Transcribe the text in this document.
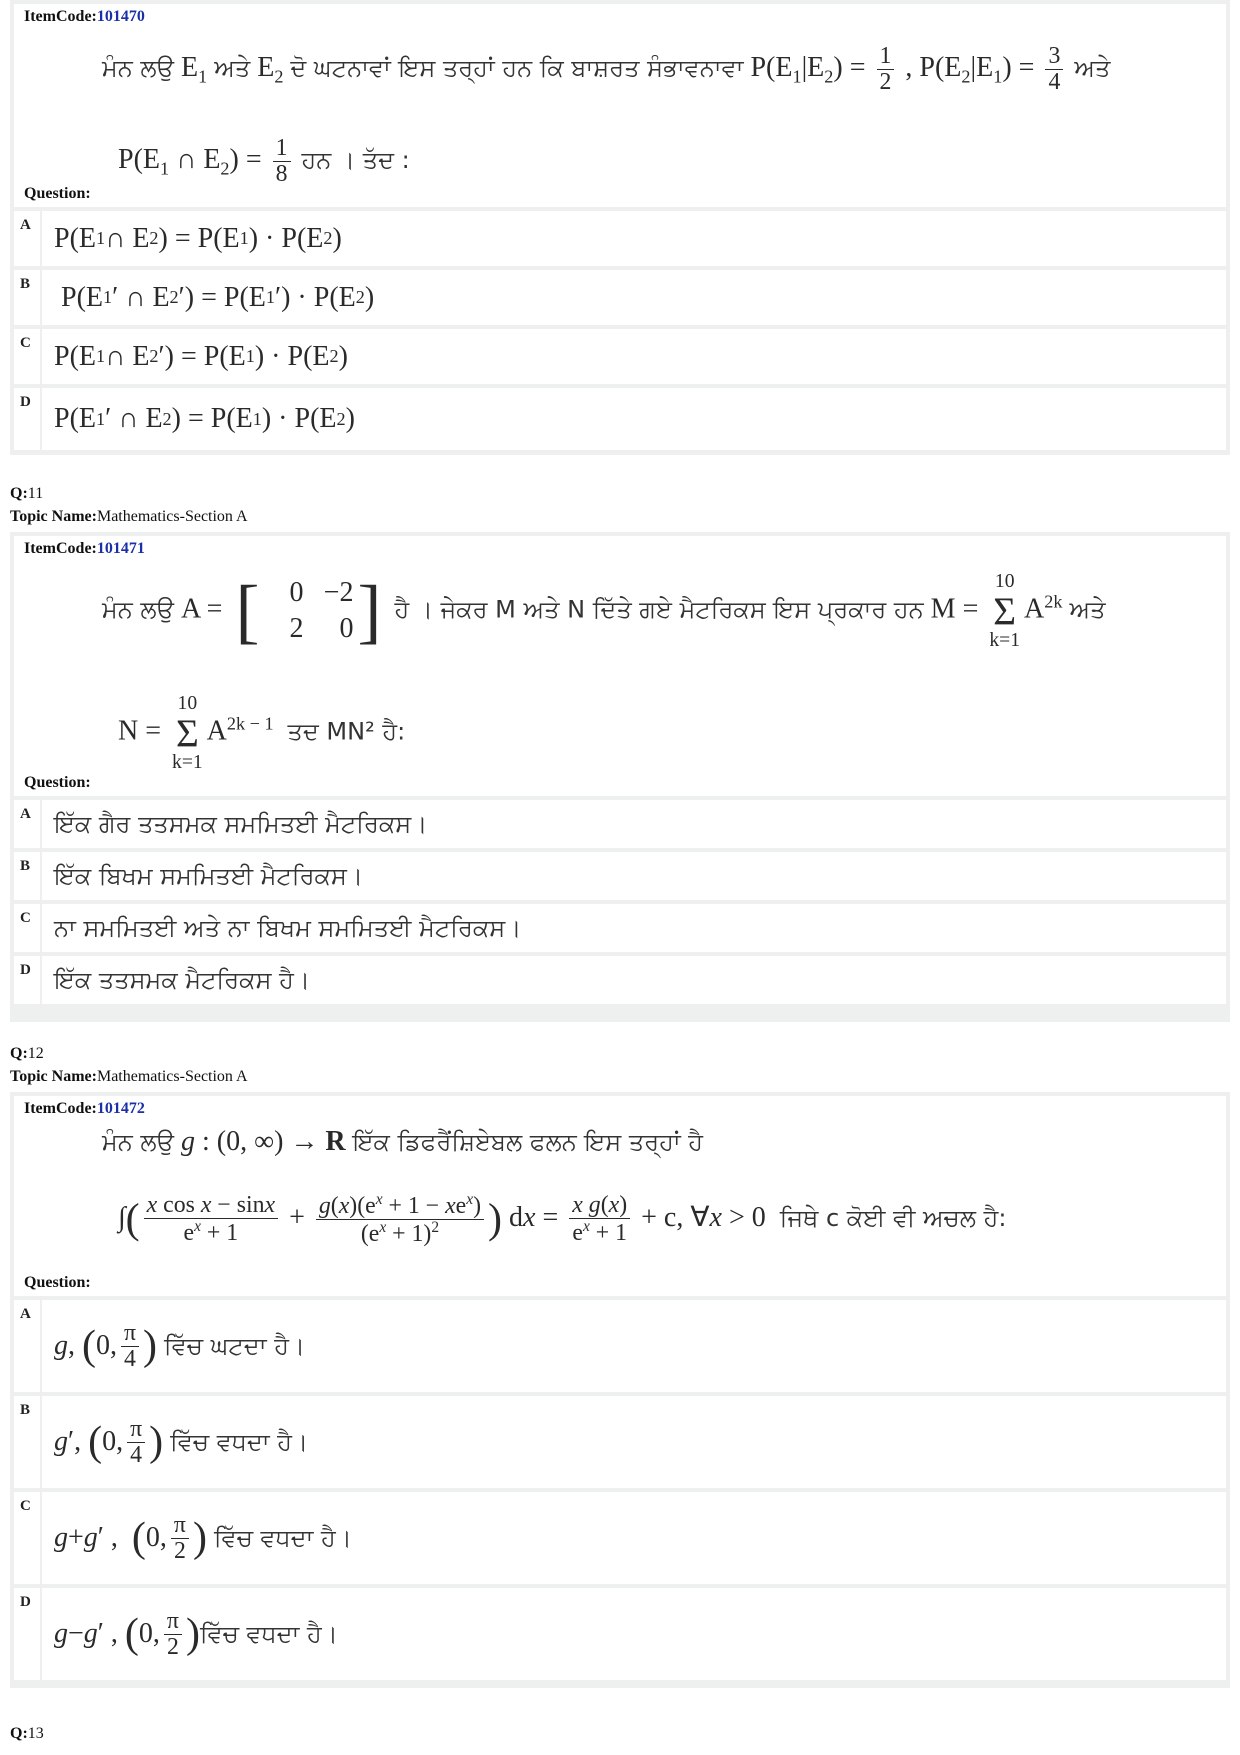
ItemCode:101470
ਮੰਨ ਲਉ $E_1$ ਅਤੇ $E_2$ ਦੋ ਘਟਨਾਵਾਂ ਇਸ ਤਰ੍ਹਾਂ ਹਨ ਕਿ ਬਾਸ਼ਰਤ ਸੰਭਾਵਨਾਵਾ $P(E_1|E_2) = \frac{1}{2}$ , $P(E_2|E_1) = \frac{3}{4}$ ਅਤੇ
$P(E_1$ ∩ $E_2) = \frac{1}{8}$ ਹਨ । ਤੱਦ :
Question:
A P(E 1 ∩ E 2 ) = P(E 1 ) · P(E 2 )
B P(E 1 ′ ∩ E 2 ′) = P(E 1 ′) · P(E 2 )
C P(E 1 ∩ E 2 ′) = P(E 1 ) · P(E 2 )
D
P(E 1 ′ ∩ E 2 ) = P(E 1 ) · P(E 2 )
Q:11
Topic Name:Mathematics-Section A
ItemCode:101471
ਮੰਨ ਲਉ A = [	0 −2
2	0 ] ਹੈ । ਜੇਕਰ M ਅਤੇ N ਦਿੱਤੇ ਗਏ ਮੈਟਰਿਕਸ ਇਸ ਪ੍ਰਕਾਰ ਹਨ M =
10
Σ
k=1
$A^{2k}$ ਅਤੇ
N =
10
Σ
k=1
$A^{2k - 1}$ ਤਦ MN² ਹੈ:
Question:
A ਇੱਕ ਗੈਰ ਤਤਸਮਕ ਸਮਮਿਤਈ ਮੈਟਰਿਕਸ।
B ਇੱਕ ਬਿਖਮ ਸਮਮਿਤਈ ਮੈਟਰਿਕਸ।
C ਨਾ ਸਮਮਿਤਈ ਅਤੇ ਨਾ ਬਿਖਮ ਸਮਮਿਤਈ ਮੈਟਰਿਕਸ।
D ਇੱਕ ਤਤਸਮਕ ਮੈਟਰਿਕਸ ਹੈ।
Q:12
Topic Name:Mathematics-Section A
ItemCode:101472
ਮੰਨ ਲਉ g : (0, ∞) → R ਇੱਕ ਡਿਫਰੈਂਸ਼ਿਏਬਲ ਫਲਨ ਇਸ ਤਰ੍ਹਾਂ ਹੈ
∫( $\frac{\text{x cos x − sinx}}{e^x + 1} + \frac{g(x)(e^x + 1 - xe^x)}{(e^x + 1)^2}$ ) dx = $\frac{\text{x g(x)}}{e^x + 1} + c$, ∀x > 0  ਜਿਥੇ c ਕੋਈ ਵੀ ਅਚਲ ਹੈ:
Question:
A
g , ( 0, $\frac{\pi}{4}$ )
ਵਿੱਚ ਘਟਦਾ ਹੈ।
B
g ′, ( 0, $\frac{\pi}{4}$ )
ਵਿੱਚ ਵਧਦਾ ਹੈ।
C
g + g ′ , ( 0, $\frac{\pi}{2}$ )
ਵਿੱਚ ਵਧਦਾ ਹੈ।
D
g − g ′ , ( 0, $\frac{\pi}{2}$ ) ਵਿੱਚ ਵਧਦਾ ਹੈ।
Q:13
